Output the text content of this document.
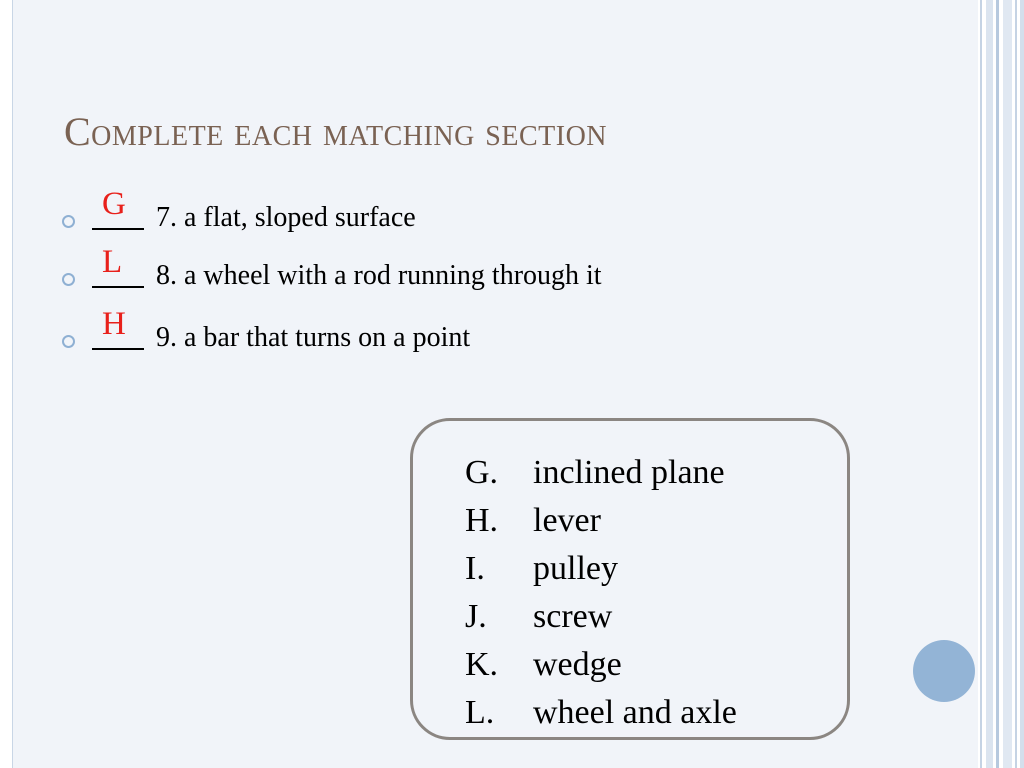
Complete each matching section
G 7. a flat, sloped surface
L 8. a wheel with a rod running through it
H 9. a bar that turns on a point
G. inclined plane
H. lever
I. pulley
J. screw
K. wedge
L. wheel and axle
